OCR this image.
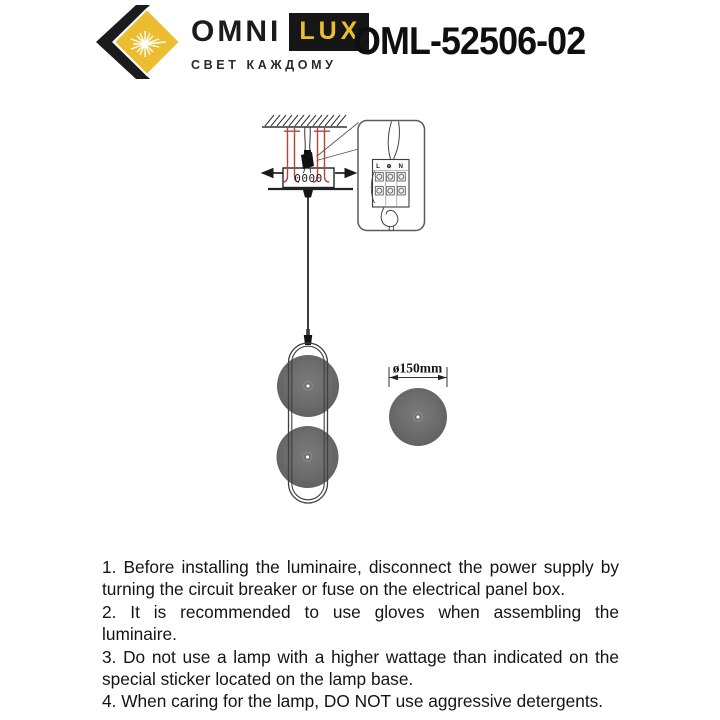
OMNI LUX
СВЕТ КАЖДОМУ
OML-52506-02
0000
L ⊕ N
ø150mm
1. Before installing the luminaire, disconnect the power supply by
turning the circuit breaker or fuse on the electrical panel box.
2. It is recommended to use gloves when assembling the
luminaire.
3. Do not use a lamp with a higher wattage than indicated on the
special sticker located on the lamp base.
4. When caring for the lamp, DO NOT use aggressive detergents.
